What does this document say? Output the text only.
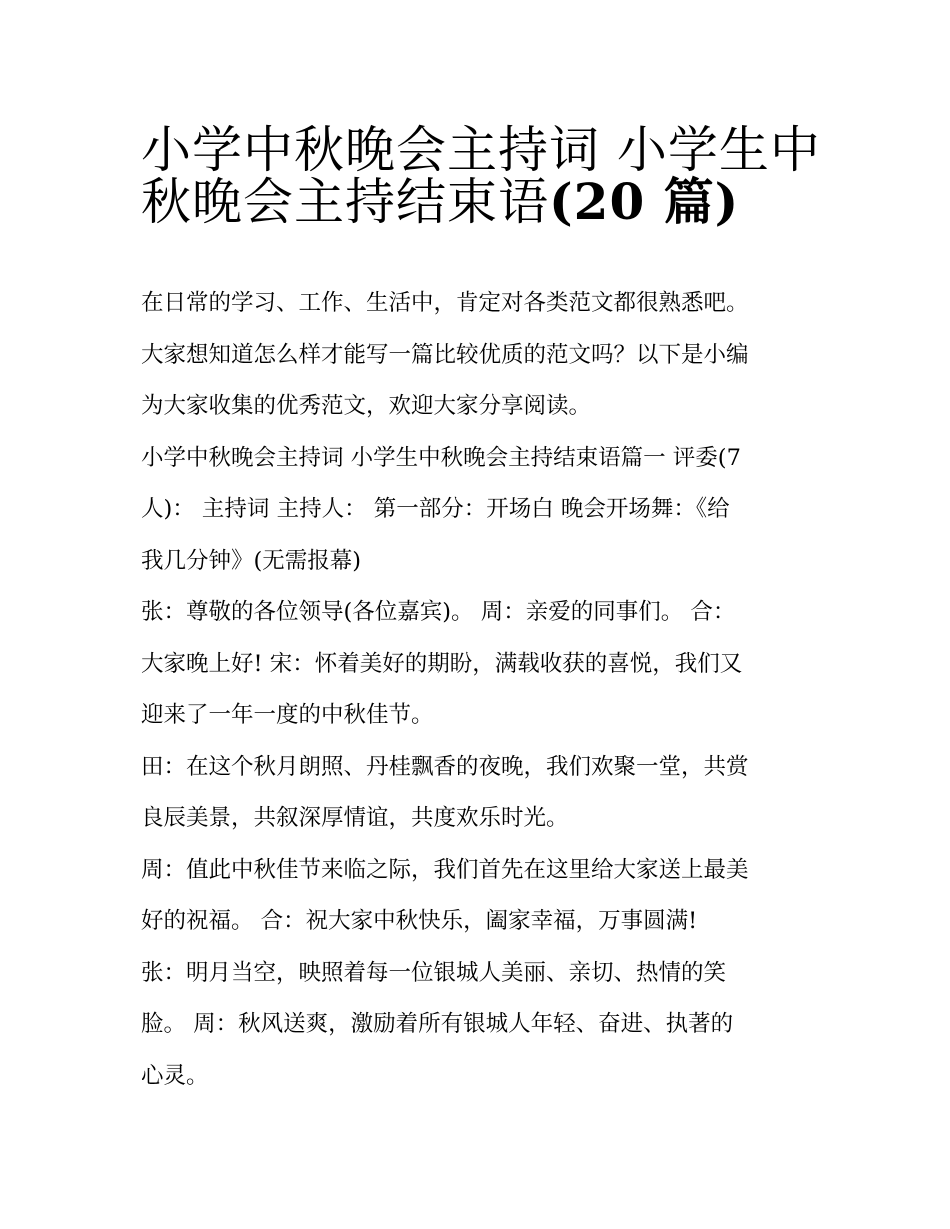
小学中秋晚会主持词 小学生中
秋晚会主持结束语(20 篇)

在日常的学习、工作、生活中，肯定对各类范文都很熟悉吧。
大家想知道怎么样才能写一篇比较优质的范文吗？以下是小编
为大家收集的优秀范文，欢迎大家分享阅读。

小学中秋晚会主持词 小学生中秋晚会主持结束语篇一 评委(7
人)： 主持词 主持人： 第一部分：开场白 晚会开场舞：《给
我几分钟》(无需报幕)

张：尊敬的各位领导(各位嘉宾)。 周：亲爱的同事们。 合：
大家晚上好! 宋：怀着美好的期盼，满载收获的喜悦，我们又
迎来了一年一度的中秋佳节。

田：在这个秋月朗照、丹桂飘香的夜晚，我们欢聚一堂，共赏
良辰美景，共叙深厚情谊，共度欢乐时光。

周：值此中秋佳节来临之际，我们首先在这里给大家送上最美
好的祝福。 合：祝大家中秋快乐，阖家幸福，万事圆满!

张：明月当空，映照着每一位银城人美丽、亲切、热情的笑
脸。 周：秋风送爽，激励着所有银城人年轻、奋进、执著的
心灵。
